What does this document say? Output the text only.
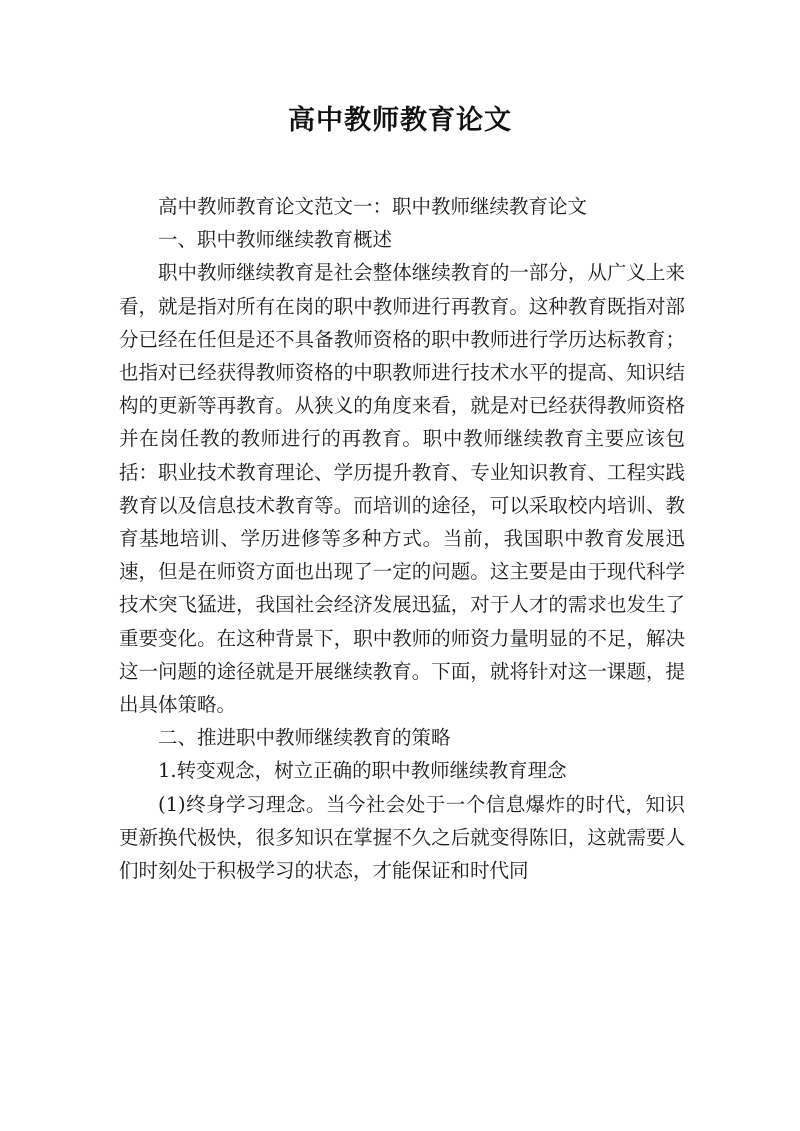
高中教师教育论文

高中教师教育论文范文一：职中教师继续教育论文

一、职中教师继续教育概述

职中教师继续教育是社会整体继续教育的一部分，从广义上来看，就是指对所有在岗的职中教师进行再教育。这种教育既指对部分已经在任但是还不具备教师资格的职中教师进行学历达标教育；也指对已经获得教师资格的中职教师进行技术水平的提高、知识结构的更新等再教育。从狭义的角度来看，就是对已经获得教师资格并在岗任教的教师进行的再教育。职中教师继续教育主要应该包括：职业技术教育理论、学历提升教育、专业知识教育、工程实践教育以及信息技术教育等。而培训的途径，可以采取校内培训、教育基地培训、学历进修等多种方式。当前，我国职中教育发展迅速，但是在师资方面也出现了一定的问题。这主要是由于现代科学技术突飞猛进，我国社会经济发展迅猛，对于人才的需求也发生了重要变化。在这种背景下，职中教师的师资力量明显的不足，解决这一问题的途径就是开展继续教育。下面，就将针对这一课题，提出具体策略。

二、推进职中教师继续教育的策略

1.转变观念，树立正确的职中教师继续教育理念

(1)终身学习理念。当今社会处于一个信息爆炸的时代，知识更新换代极快，很多知识在掌握不久之后就变得陈旧，这就需要人们时刻处于积极学习的状态，才能保证和时代同
